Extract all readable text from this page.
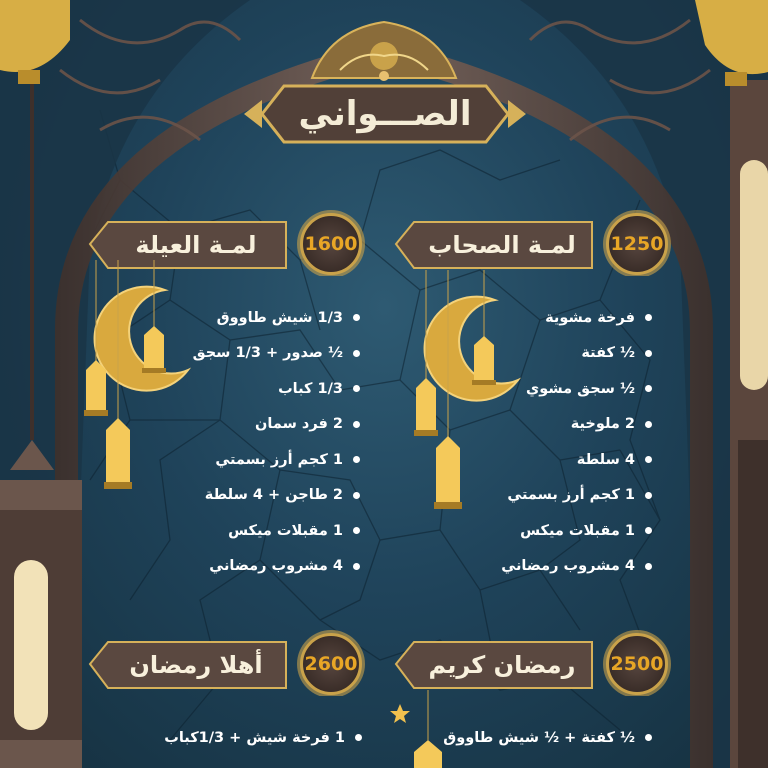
الصـــواني
لمـة الصحاب	1250
لمـة العيلة	1600
رمضان كريم	2500
أهلا رمضان	2600
فرخة مشوية
½ كفتة
½ سجق مشوي
2 ملوخية
4 سلطة
1 كجم أرز بسمتي
1 مقبلات ميكس
4 مشروب رمضاني
1/3 شيش طاووق
½ صدور + 1/3 سجق
1/3 كباب
2 فرد سمان
1 كجم أرز بسمتي
2 طاجن + 4 سلطة
1 مقبلات ميكس
4 مشروب رمضاني
½ كفتة + ½ شيش طاووق
1 فرخة شيش + 1/3كباب
